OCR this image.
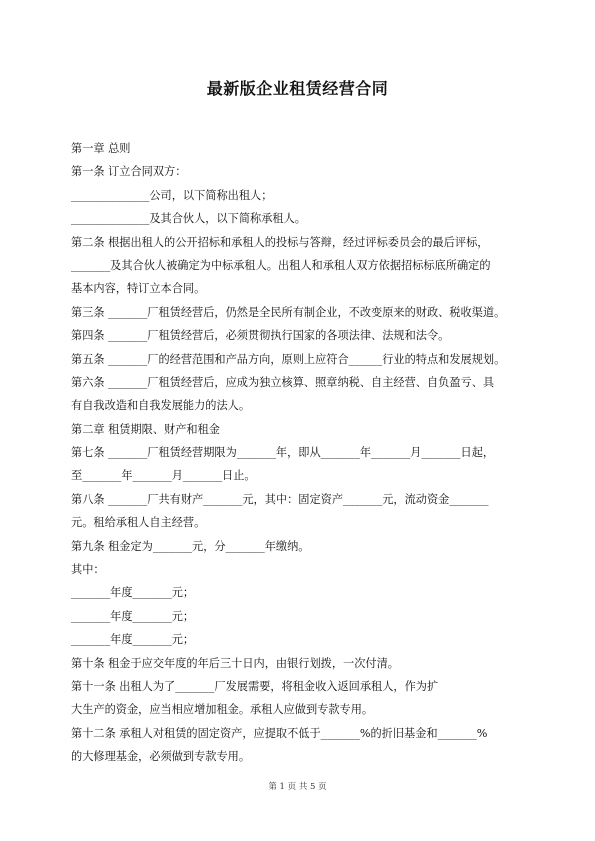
最新版企业租赁经营合同
第一章 总则
第一条 订立合同双方：
______________公司，以下简称出租人；
______________及其合伙人，以下简称承租人。
第二条 根据出租人的公开招标和承租人的投标与答辩，经过评标委员会的最后评标，
_______及其合伙人被确定为中标承租人。出租人和承租人双方依据招标标底所确定的
基本内容，特订立本合同。
第三条 _______厂租赁经营后，仍然是全民所有制企业，不改变原来的财政、税收渠道。
第四条 _______厂租赁经营后，必须贯彻执行国家的各项法律、法规和法令。
第五条 _______厂的经营范围和产品方向，原则上应符合______行业的特点和发展规划。
第六条 _______厂租赁经营后，应成为独立核算、照章纳税、自主经营、自负盈亏、具
有自我改造和自我发展能力的法人。
第二章 租赁期限、财产和租金
第七条 _______厂租赁经营期限为_______年，即从_______年_______月_______日起，
至_______年_______月_______日止。
第八条 _______厂共有财产_______元，其中：固定资产_______元，流动资金_______
元。租给承租人自主经营。
第九条 租金定为_______元，分_______年缴纳。
其中：
_______年度_______元；
_______年度_______元；
_______年度_______元；
第十条 租金于应交年度的年后三十日内，由银行划拨，一次付清。
第十一条 出租人为了_______厂发展需要，将租金收入返回承租人，作为扩
大生产的资金，应当相应增加租金。承租人应做到专款专用。
第十二条 承租人对租赁的固定资产，应提取不低于_______%的折旧基金和_______%
的大修理基金，必须做到专款专用。
第 1 页 共 5 页
